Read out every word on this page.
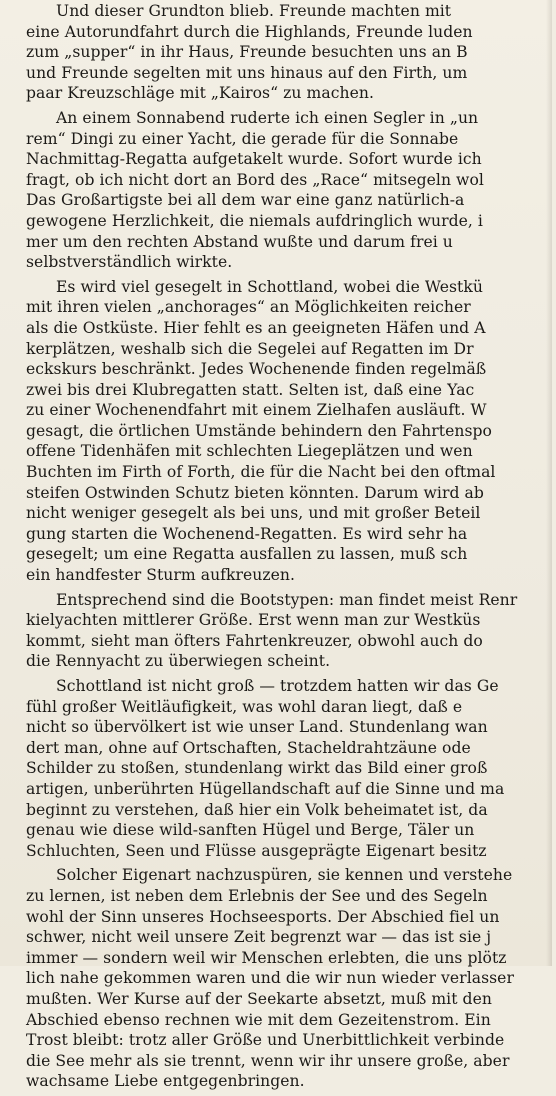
Und dieser Grundton blieb. Freunde machten mit
eine Autorundfahrt durch die Highlands, Freunde luden
zum „supper“ in ihr Haus, Freunde besuchten uns an B
und Freunde segelten mit uns hinaus auf den Firth, um
paar Kreuzschläge mit „Kairos“ zu machen.
An einem Sonnabend ruderte ich einen Segler in „un
rem“ Dingi zu einer Yacht, die gerade für die Sonnabe
Nachmittag-Regatta aufgetakelt wurde. Sofort wurde ich
fragt, ob ich nicht dort an Bord des „Race“ mitsegeln wol
Das Großartigste bei all dem war eine ganz natürlich-a
gewogene Herzlichkeit, die niemals aufdringlich wurde, i
mer um den rechten Abstand wußte und darum frei u
selbstverständlich wirkte.
Es wird viel gesegelt in Schottland, wobei die Westkü
mit ihren vielen „anchorages“ an Möglichkeiten reicher
als die Ostküste. Hier fehlt es an geeigneten Häfen und A
kerplätzen, weshalb sich die Segelei auf Regatten im Dr
eckskurs beschränkt. Jedes Wochenende finden regelmäß
zwei bis drei Klubregatten statt. Selten ist, daß eine Yac
zu einer Wochenendfahrt mit einem Zielhafen ausläuft. W
gesagt, die örtlichen Umstände behindern den Fahrtenspo
offene Tidenhäfen mit schlechten Liegeplätzen und wen
Buchten im Firth of Forth, die für die Nacht bei den oftmal
steifen Ostwinden Schutz bieten könnten. Darum wird ab
nicht weniger gesegelt als bei uns, und mit großer Beteil
gung starten die Wochenend-Regatten. Es wird sehr ha
gesegelt; um eine Regatta ausfallen zu lassen, muß sch
ein handfester Sturm aufkreuzen.
Entsprechend sind die Bootstypen: man findet meist Renr
kielyachten mittlerer Größe. Erst wenn man zur Westküs
kommt, sieht man öfters Fahrtenkreuzer, obwohl auch do
die Rennyacht zu überwiegen scheint.
Schottland ist nicht groß — trotzdem hatten wir das Ge
fühl großer Weitläufigkeit, was wohl daran liegt, daß e
nicht so übervölkert ist wie unser Land. Stundenlang wan
dert man, ohne auf Ortschaften, Stacheldrahtzäune ode
Schilder zu stoßen, stundenlang wirkt das Bild einer groß
artigen, unberührten Hügellandschaft auf die Sinne und ma
beginnt zu verstehen, daß hier ein Volk beheimatet ist, da
genau wie diese wild-sanften Hügel und Berge, Täler un
Schluchten, Seen und Flüsse ausgeprägte Eigenart besitz
Solcher Eigenart nachzuspüren, sie kennen und verstehe
zu lernen, ist neben dem Erlebnis der See und des Segeln
wohl der Sinn unseres Hochseesports. Der Abschied fiel un
schwer, nicht weil unsere Zeit begrenzt war — das ist sie j
immer — sondern weil wir Menschen erlebten, die uns plötz
lich nahe gekommen waren und die wir nun wieder verlasser
mußten. Wer Kurse auf der Seekarte absetzt, muß mit den
Abschied ebenso rechnen wie mit dem Gezeitenstrom. Ein
Trost bleibt: trotz aller Größe und Unerbittlichkeit verbinde
die See mehr als sie trennt, wenn wir ihr unsere große, aber
wachsame Liebe entgegenbringen.
